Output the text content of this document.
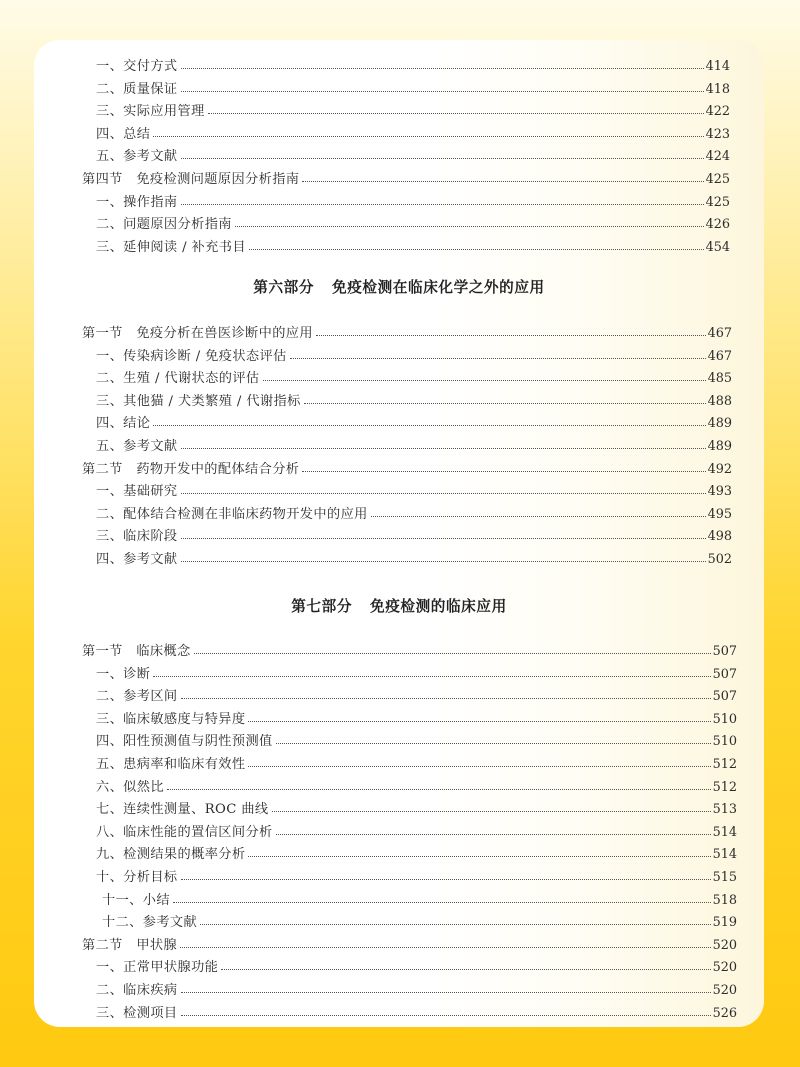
一、交付方式	414
二、质量保证	418
三、实际应用管理	422
四、总结	423
五、参考文献	424
第四节　免疫检测问题原因分析指南	425
一、操作指南	425
二、问题原因分析指南	426
三、延伸阅读 / 补充书目	454
第六部分 免疫检测在临床化学之外的应用
第一节　免疫分析在兽医诊断中的应用	467
一、传染病诊断 / 免疫状态评估	467
二、生殖 / 代谢状态的评估	485
三、其他猫 / 犬类繁殖 / 代谢指标	488
四、结论	489
五、参考文献	489
第二节　药物开发中的配体结合分析	492
一、基础研究	493
二、配体结合检测在非临床药物开发中的应用	495
三、临床阶段	498
四、参考文献	502
第七部分 免疫检测的临床应用
第一节　临床概念	507
一、诊断	507
二、参考区间	507
三、临床敏感度与特异度	510
四、阳性预测值与阴性预测值	510
五、患病率和临床有效性	512
六、似然比	512
七、连续性测量、ROC 曲线	513
八、临床性能的置信区间分析	514
九、检测结果的概率分析	514
十、分析目标	515
十一、小结	518
十二、参考文献	519
第二节　甲状腺	520
一、正常甲状腺功能	520
二、临床疾病	520
三、检测项目	526
